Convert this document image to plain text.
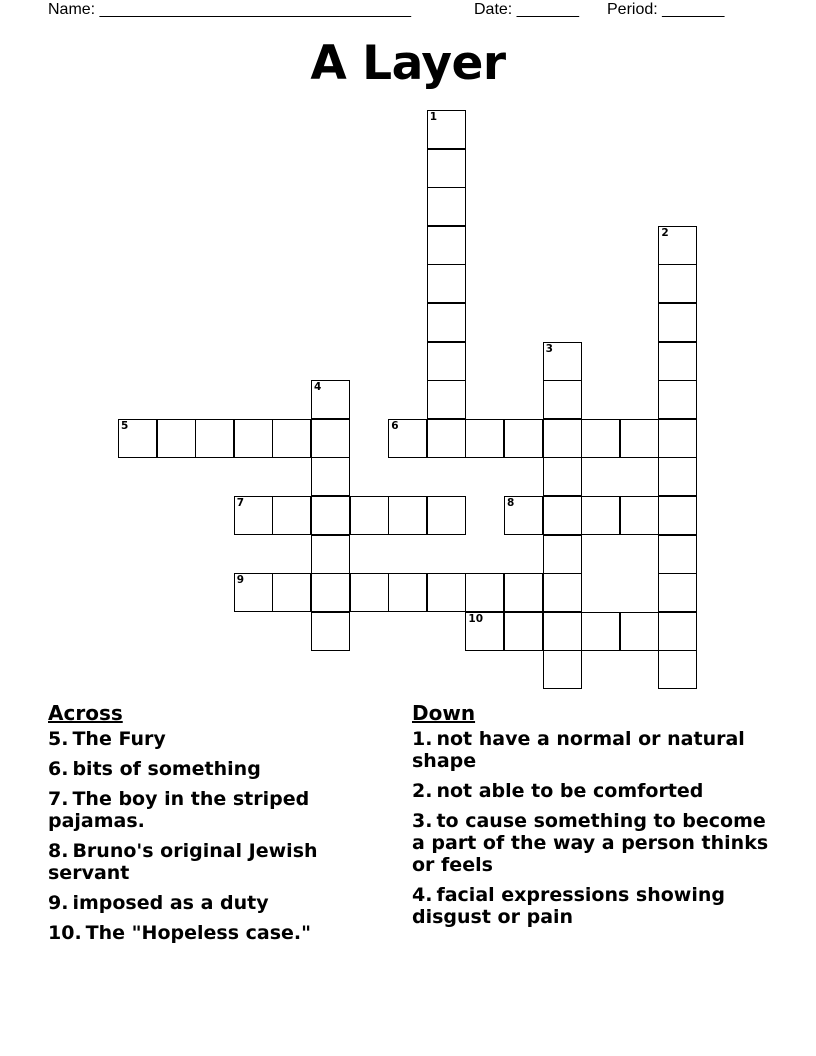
Name: ___________________________________	Date: _______ Period: _______
A Layer
1
2
3
4
5	6
7	8
9
10
Across
5. The Fury
6. bits of something
7. The boy in the striped pajamas.
8. Bruno's original Jewish servant
9. imposed as a duty
10. The "Hopeless case."
Down
1. not have a normal or natural shape
2. not able to be comforted
3. to cause something to become a part of the way a person thinks or feels
4. facial expressions showing disgust or pain
